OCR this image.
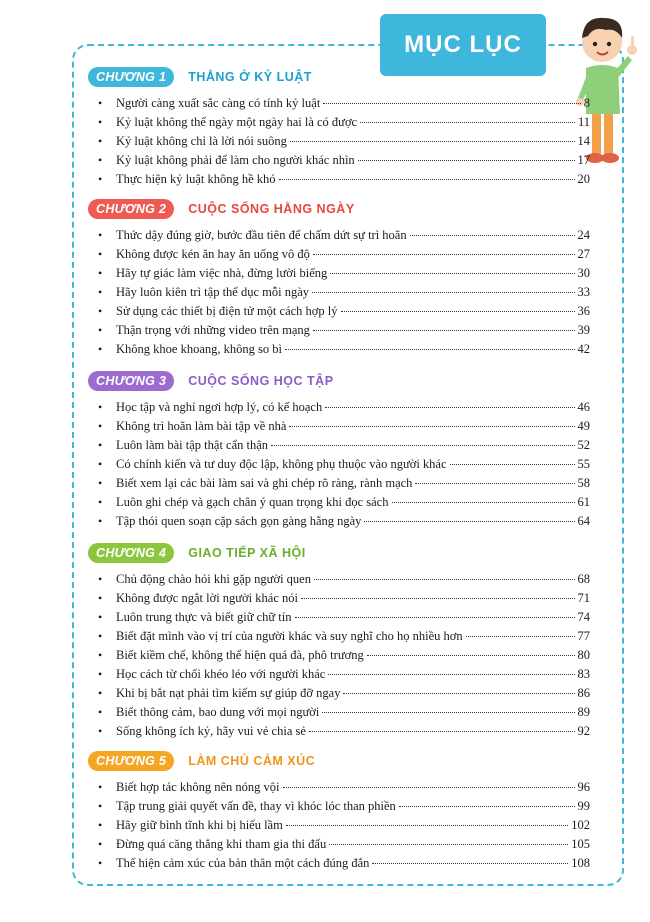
MỤC LỤC
CHƯƠNG 1	THẲNG Ở KỶ LUẬT
• Người càng xuất sắc càng có tính kỷ luật	8
• Kỷ luật không thể ngày một ngày hai là có được	11
• Kỷ luật không chỉ là lời nói suông	14
• Kỷ luật không phải để làm cho người khác nhìn	17
• Thực hiện kỷ luật không hề khó	20
CHƯƠNG 2	CUỘC SỐNG HẰNG NGÀY
• Thức dậy đúng giờ, bước đầu tiên để chấm dứt sự trì hoãn	24
• Không được kén ăn hay ăn uống vô độ	27
• Hãy tự giác làm việc nhà, đừng lười biếng	30
• Hãy luôn kiên trì tập thể dục mỗi ngày	33
• Sử dụng các thiết bị điện tử một cách hợp lý	36
• Thận trọng với những video trên mạng	39
• Không khoe khoang, không so bì	42
CHƯƠNG 3	CUỘC SỐNG HỌC TẬP
• Học tập và nghỉ ngơi hợp lý, có kế hoạch	46
• Không trì hoãn làm bài tập về nhà	49
• Luôn làm bài tập thật cẩn thận	52
• Có chính kiến và tư duy độc lập, không phụ thuộc vào người khác	55
• Biết xem lại các bài làm sai và ghi chép rõ ràng, rành mạch	58
• Luôn ghi chép và gạch chân ý quan trọng khi đọc sách	61
• Tập thói quen soạn cặp sách gọn gàng hằng ngày	64
CHƯƠNG 4	GIAO TIẾP XÃ HỘI
• Chủ động chào hỏi khi gặp người quen	68
• Không được ngắt lời người khác nói	71
• Luôn trung thực và biết giữ chữ tín	74
• Biết đặt mình vào vị trí của người khác và suy nghĩ cho họ nhiều hơn	77
• Biết kiềm chế, không thể hiện quá đà, phô trương	80
• Học cách từ chối khéo léo với người khác	83
• Khi bị bắt nạt phải tìm kiếm sự giúp đỡ ngay	86
• Biết thông cảm, bao dung với mọi người	89
• Sống không ích kỷ, hãy vui vẻ chia sẻ	92
CHƯƠNG 5	LÀM CHỦ CẢM XÚC
• Biết hợp tác không nên nóng vội	96
• Tập trung giải quyết vấn đề, thay vì khóc lóc than phiền	99
• Hãy giữ bình tĩnh khi bị hiểu lầm	102
• Đừng quá căng thẳng khi tham gia thi đấu	105
• Thể hiện cảm xúc của bản thân một cách đúng đắn	108
